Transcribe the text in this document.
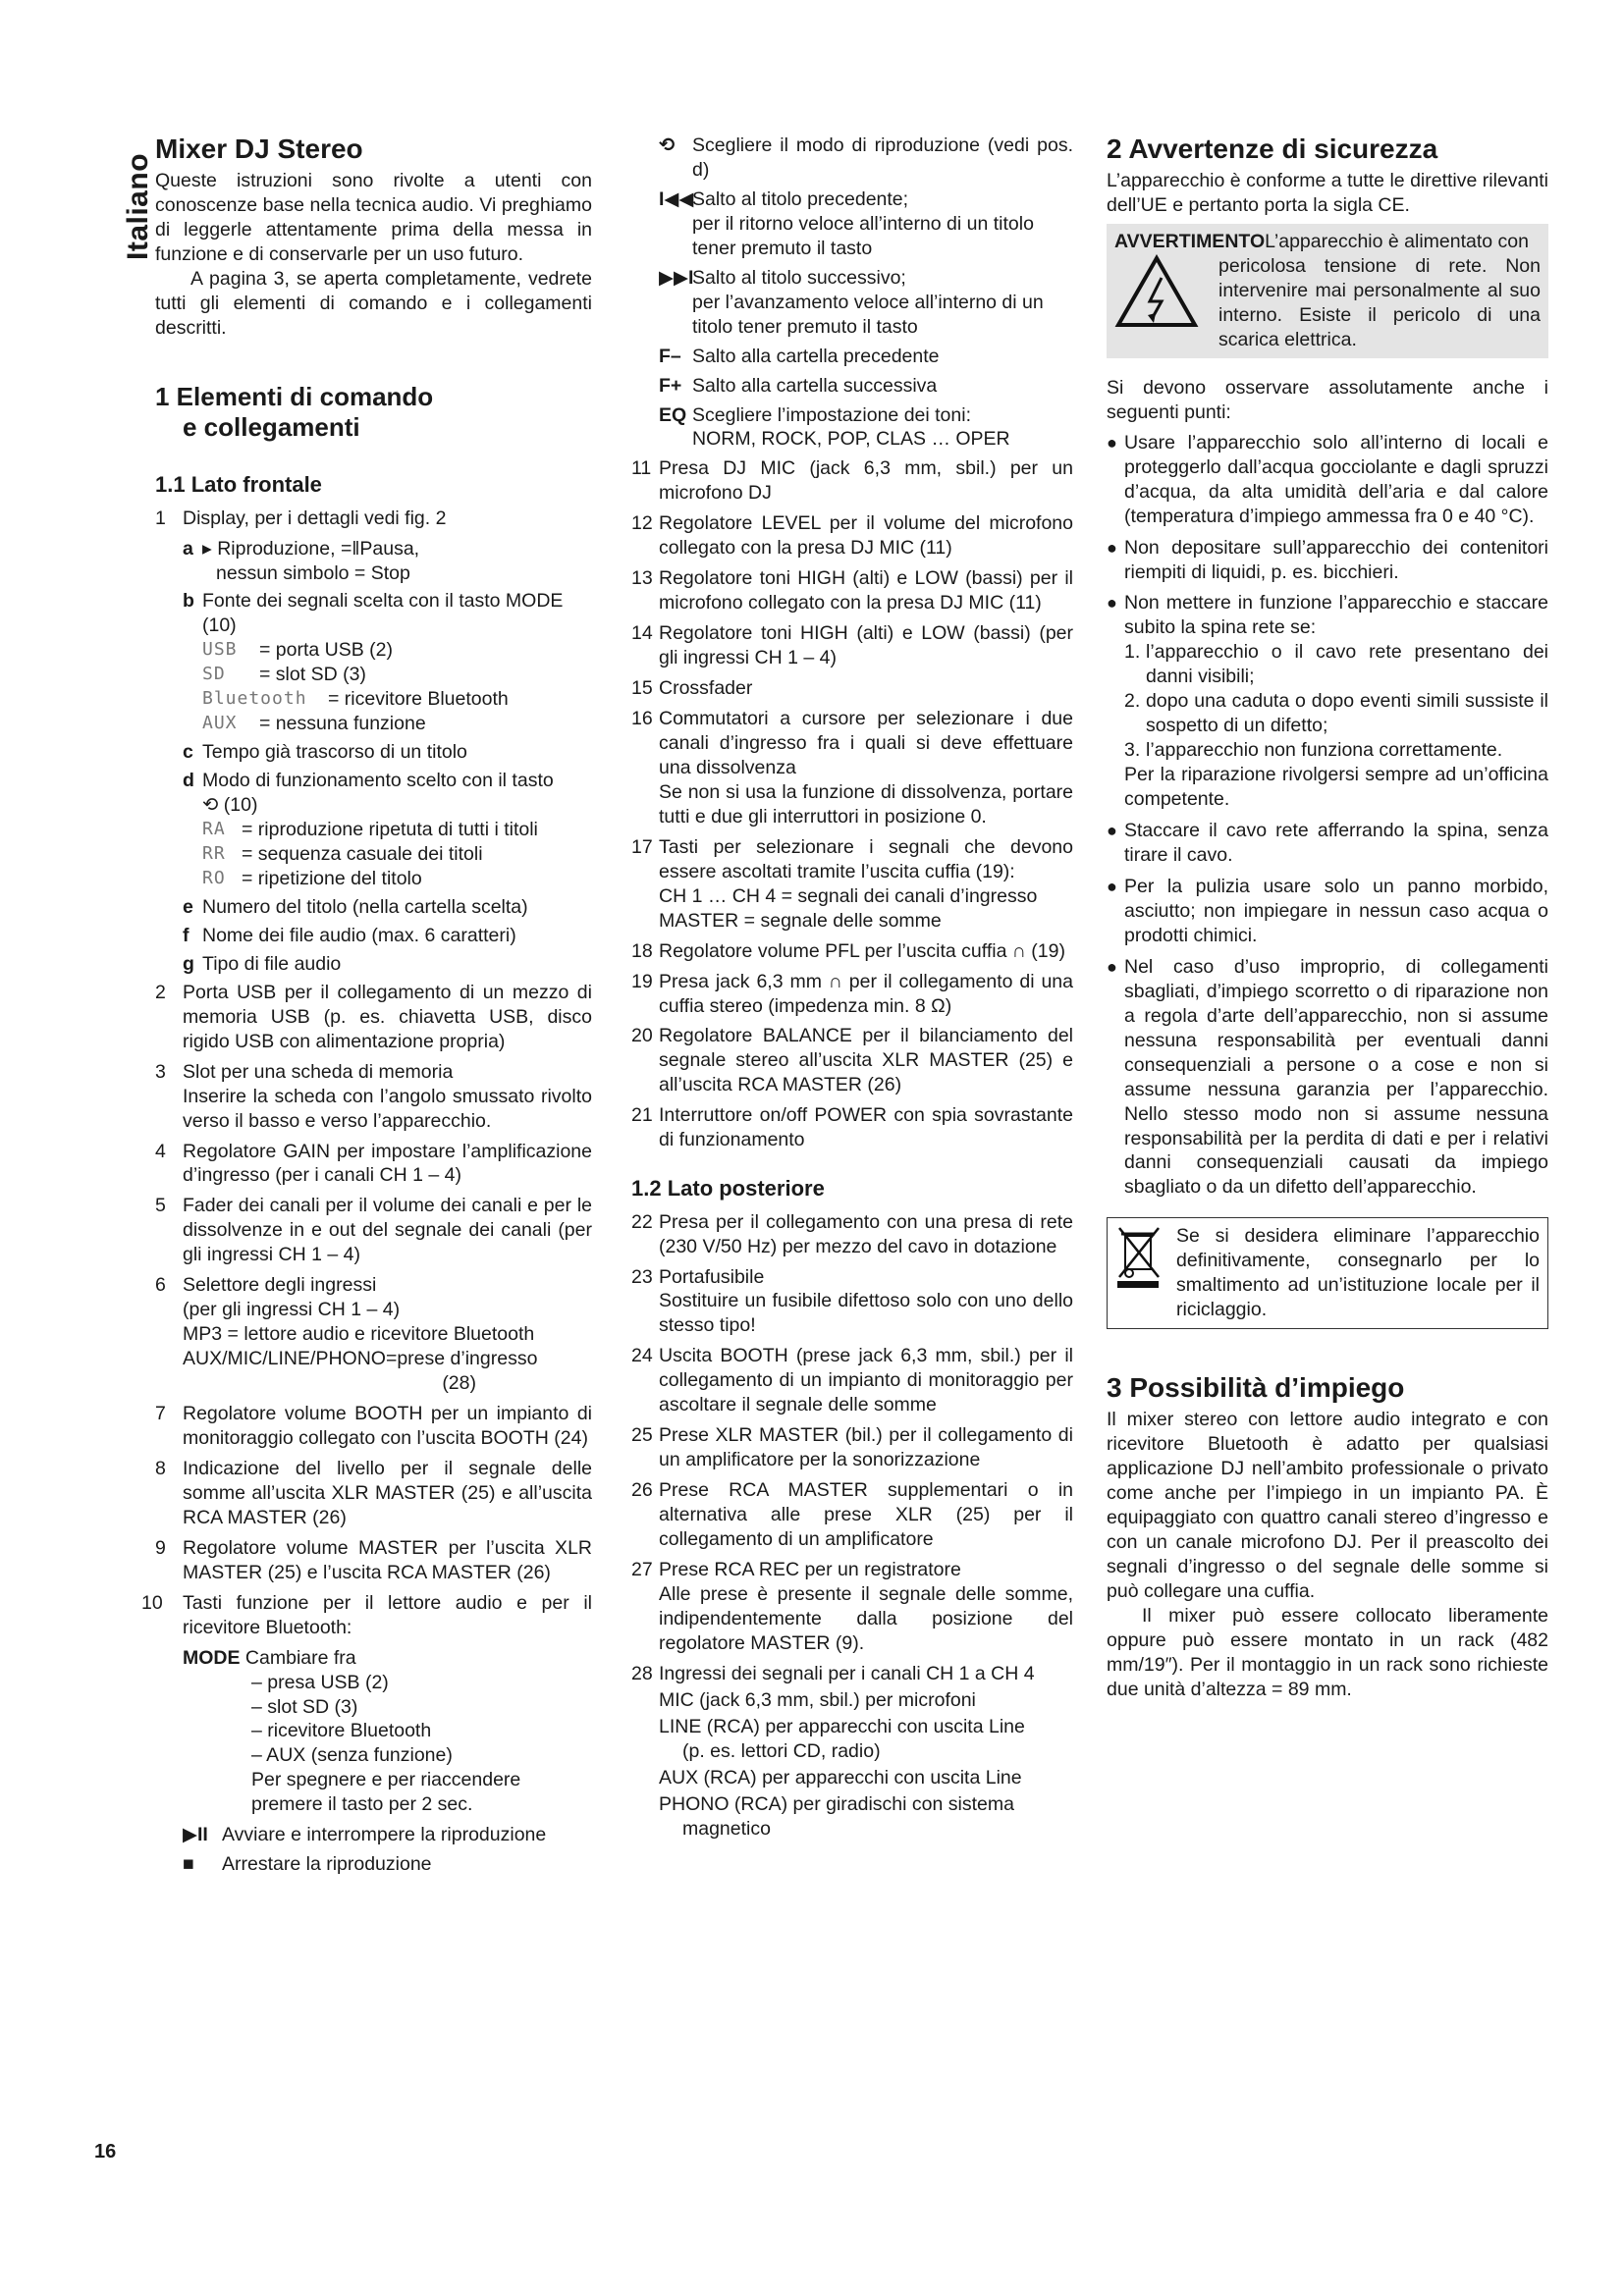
Italiano
Mixer DJ Stereo

Queste istruzioni sono rivolte a utenti con conoscenze base nella tecnica audio. Vi preghiamo di leggerle attentamente prima della messa in funzione e di conservarle per un uso futuro.

A pagina 3, se aperta completamente, vedrete tutti gli elementi di comando e i collegamenti descritti.

1 Elementi di comando
e collegamenti
1.1 Lato frontale
1 Display, per i dettagli vedi fig. 2
a ▸ Riproduzione, =‖Pausa,
nessun simbolo = Stop
b Fonte dei segnali scelta con il tasto MODE (10)
USB	= porta USB (2)
SD	= slot SD (3)
Bluetooth	= ricevitore Bluetooth
AUX	= nessuna funzione
c Tempo già trascorso di un titolo
d Modo di funzionamento scelto con il tasto
⟲ (10)
RA = riproduzione ripetuta di tutti i titoli
RR = sequenza casuale dei titoli
RO = ripetizione del titolo
e Numero del titolo (nella cartella scelta)
f Nome dei file audio (max. 6 caratteri)
g Tipo di file audio
2 Porta USB per il collegamento di un mezzo di memoria USB (p. es. chiavetta USB, disco rigido USB con alimentazione propria)
3 Slot per una scheda di memoria
Inserire la scheda con l’angolo smussato rivolto verso il basso e verso l’apparecchio.
4 Regolatore GAIN per impostare l’amplificazione d’ingresso (per i canali CH 1 – 4)
5 Fader dei canali per il volume dei canali e per le dissolvenze in e out del segnale dei canali (per gli ingressi CH 1 – 4)
6 Selettore degli ingressi
(per gli ingressi CH 1 – 4)
MP3 = lettore audio e ricevitore Bluetooth
AUX/MIC/LINE/PHONO=prese d’ingresso

(28)
7 Regolatore volume BOOTH per un impianto di monitoraggio collegato con l’uscita BOOTH (24)
8 Indicazione del livello per il segnale delle somme all’uscita XLR MASTER (25) e all’uscita RCA MASTER (26)
9 Regolatore volume MASTER per l’uscita XLR MASTER (25) e l’uscita RCA MASTER (26)
10	Tasti funzione per il lettore audio e per il ricevitore Bluetooth:
MODE Cambiare fra
– presa USB (2)
– slot SD (3)
– ricevitore Bluetooth
– AUX (senza funzione)
Per spegnere e per riaccendere premere il tasto per 2 sec.
▶II Avviare e interrompere la riproduzione
■	Arrestare la riproduzione
⟲ Scegliere il modo di riproduzione (vedi pos. d)
I◀◀
Salto al titolo precedente;
per il ritorno veloce all’interno di un titolo tener premuto il tasto
▶▶I
Salto al titolo successivo;
per l’avanzamento veloce all’interno di un titolo tener premuto il tasto
F– Salto alla cartella precedente
F+ Salto alla cartella successiva
EQ Scegliere l’impostazione dei toni:
NORM, ROCK, POP, CLAS … OPER
11 Presa DJ MIC (jack 6,3 mm, sbil.) per un microfono DJ
12 Regolatore LEVEL per il volume del microfono collegato con la presa DJ MIC (11)
13 Regolatore toni HIGH (alti) e LOW (bassi) per il microfono collegato con la presa DJ MIC (11)
14 Regolatore toni HIGH (alti) e LOW (bassi) (per gli ingressi CH 1 – 4)
15 Crossfader
16 Commutatori a cursore per selezionare i due canali d’ingresso fra i quali si deve effettuare una dissolvenza
Se non si usa la funzione di dissolvenza, portare tutti e due gli interruttori in posizione 0.
17 Tasti per selezionare i segnali che devono essere ascoltati tramite l’uscita cuffia (19):
CH 1 … CH 4 = segnali dei canali d’ingresso
MASTER = segnale delle somme
18 Regolatore volume PFL per l’uscita cuffia ∩ (19)
19 Presa jack 6,3 mm ∩ per il collegamento di una cuffia stereo (impedenza min. 8 Ω)
20 Regolatore BALANCE per il bilanciamento del segnale stereo all’uscita XLR MASTER (25) e all’uscita RCA MASTER (26)
21 Interruttore on/off POWER con spia sovrastante di funzionamento
1.2 Lato posteriore
22 Presa per il collegamento con una presa di rete (230 V/50 Hz) per mezzo del cavo in dotazione
23 Portafusibile
Sostituire un fusibile difettoso solo con uno dello stesso tipo!
24 Uscita BOOTH (prese jack 6,3 mm, sbil.) per il collegamento di un impianto di monitoraggio per ascoltare il segnale delle somme
25 Prese XLR MASTER (bil.) per il collegamento di un amplificatore per la sonorizzazione
26 Prese RCA MASTER supplementari o in alternativa alle prese XLR (25) per il collegamento di un amplificatore
27 Prese RCA REC per un registratore
Alle prese è presente il segnale delle somme, indipendentemente dalla posizione del regolatore MASTER (9).
28 Ingressi dei segnali per i canali CH 1 a CH 4

MIC (jack 6,3 mm, sbil.) per microfoni
LINE (RCA) per apparecchi con uscita Line
(p. es. lettori CD, radio)
AUX (RCA) per apparecchi con uscita Line
PHONO (RCA) per giradischi con sistema
magnetico
2 Avvertenze di sicurezza

L’apparecchio è conforme a tutte le direttive rilevanti dell’UE e pertanto porta la sigla CE.

AVVERTIMENTOL’apparecchio è alimentato con

pericolosa tensione di rete. Non intervenire mai personalmente al suo interno. Esiste il pericolo di una scarica elettrica.

Si devono osservare assolutamente anche i seguenti punti:

● Usare l’apparecchio solo all’interno di locali e proteggerlo dall’acqua gocciolante e dagli spruzzi d’acqua, da alta umidità dell’aria e dal calore (temperatura d’impiego ammessa fra 0 e 40 °C).

● Non depositare sull’apparecchio dei contenitori riempiti di liquidi, p. es. bicchieri.

● Non mettere in funzione l’apparecchio e staccare subito la spina rete se:

1. l’apparecchio o il cavo rete presentano dei danni visibili;

2. dopo una caduta o dopo eventi simili sussiste il sospetto di un difetto;

3. l’apparecchio non funziona correttamente.

Per la riparazione rivolgersi sempre ad un’officina competente.

● Staccare il cavo rete afferrando la spina, senza tirare il cavo.

● Per la pulizia usare solo un panno morbido, asciutto; non impiegare in nessun caso acqua o prodotti chimici.

● Nel caso d’uso improprio, di collegamenti sbagliati, d’impiego scorretto o di riparazione non a regola d’arte dell’apparecchio, non si assume nessuna responsabilità per eventuali danni consequenziali a persone o a cose e non si assume nessuna garanzia per l’apparecchio. Nello stesso modo non si assume nessuna responsabilità per la perdita di dati e per i relativi danni consequenziali causati da impiego sbagliato o da un difetto dell’apparecchio.

Se si desidera eliminare l’apparecchio definitivamente, consegnarlo per lo smaltimento ad un’istituzione locale per il riciclaggio.

3 Possibilità d’impiego

Il mixer stereo con lettore audio integrato e con ricevitore Bluetooth è adatto per qualsiasi applicazione DJ nell’ambito professionale o privato come anche per l’impiego in un impianto PA. È equipaggiato con quattro canali stereo d’ingresso e con un canale microfono DJ. Per il preascolto dei segnali d’ingresso o del segnale delle somme si può collegare una cuffia.

Il mixer può essere collocato liberamente oppure può essere montato in un rack (482 mm/19″). Per il montaggio in un rack sono richieste due unità d’altezza = 89 mm.

16
